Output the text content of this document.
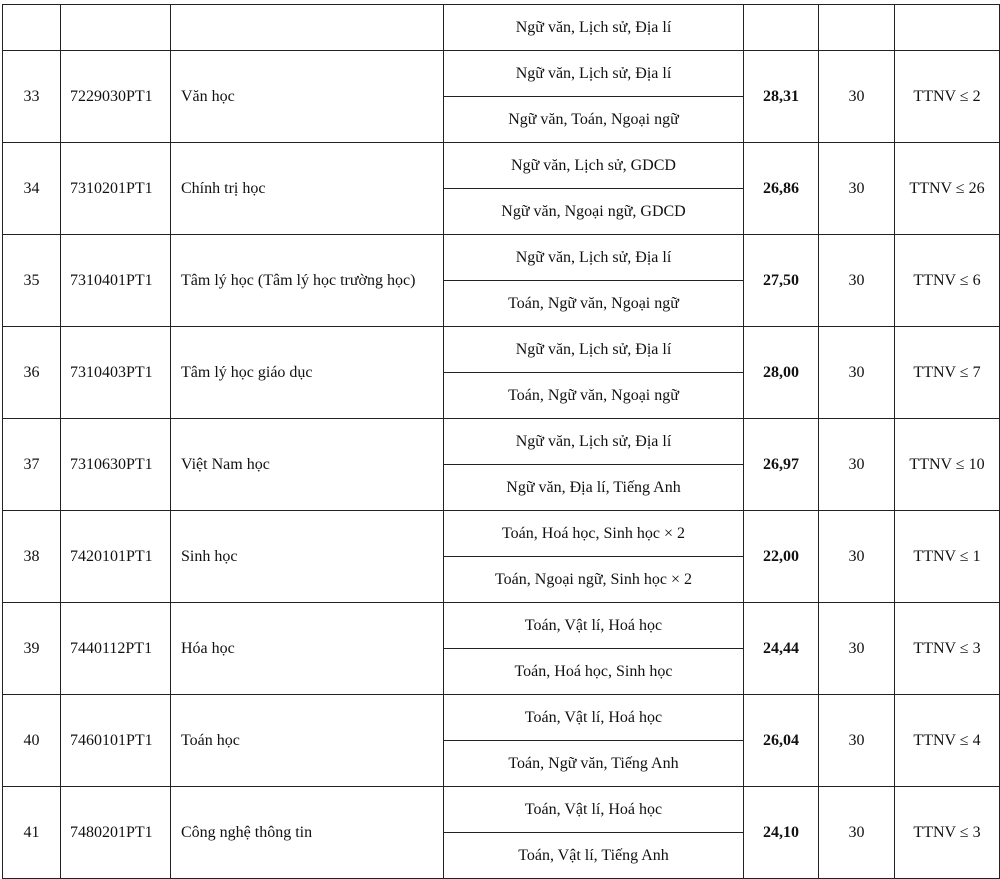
			Ngữ văn, Lịch sử, Địa lí			
33	7229030PT1	Văn học	Ngữ văn, Lịch sử, Địa lí	28,31	30	TTNV ≤ 2
			Ngữ văn, Toán, Ngoại ngữ			
34	7310201PT1	Chính trị học	Ngữ văn, Lịch sử, GDCD	26,86	30	TTNV ≤ 26
			Ngữ văn, Ngoại ngữ, GDCD			
35	7310401PT1	Tâm lý học (Tâm lý học trường học)	Ngữ văn, Lịch sử, Địa lí	27,50	30	TTNV ≤ 6
			Toán, Ngữ văn, Ngoại ngữ			
36	7310403PT1	Tâm lý học giáo dục	Ngữ văn, Lịch sử, Địa lí	28,00	30	TTNV ≤ 7
			Toán, Ngữ văn, Ngoại ngữ			
37	7310630PT1	Việt Nam học	Ngữ văn, Lịch sử, Địa lí	26,97	30	TTNV ≤ 10
			Ngữ văn, Địa lí, Tiếng Anh			
38	7420101PT1	Sinh học	Toán, Hoá học, Sinh học × 2	22,00	30	TTNV ≤ 1
			Toán, Ngoại ngữ, Sinh học × 2			
39	7440112PT1	Hóa học	Toán, Vật lí, Hoá học	24,44	30	TTNV ≤ 3
			Toán, Hoá học, Sinh học			
40	7460101PT1	Toán học	Toán, Vật lí, Hoá học	26,04	30	TTNV ≤ 4
			Toán, Ngữ văn, Tiếng Anh			
41	7480201PT1	Công nghệ thông tin	Toán, Vật lí, Hoá học	24,10	30	TTNV ≤ 3
			Toán, Vật lí, Tiếng Anh			
